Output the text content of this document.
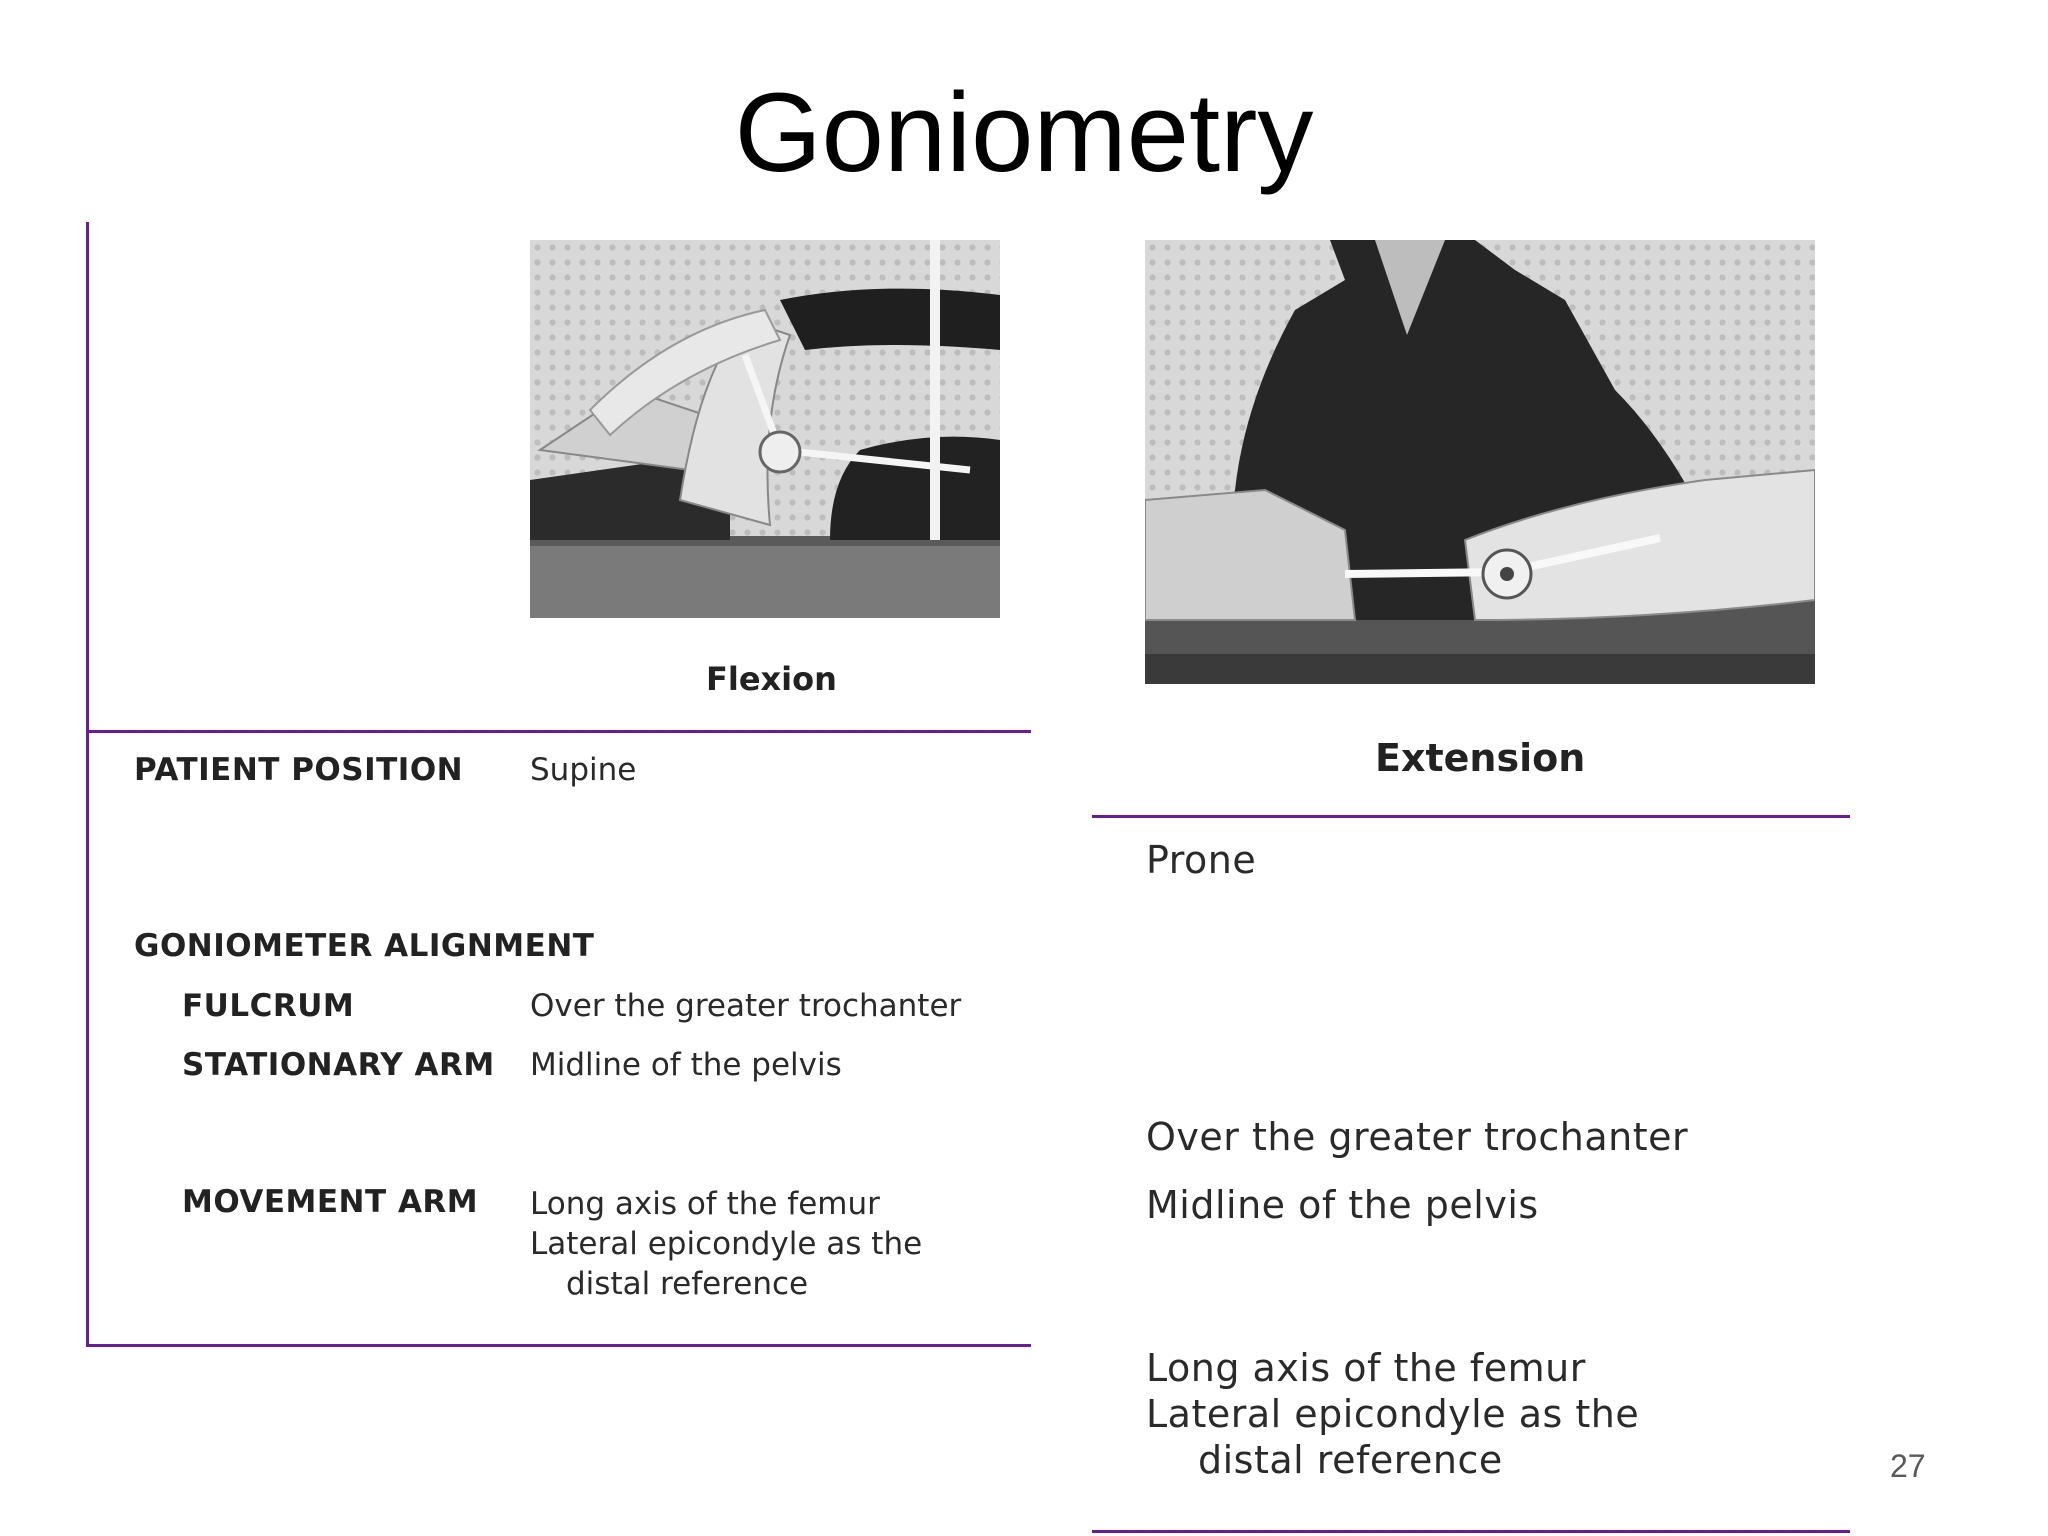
Goniometry
Flexion
PATIENT POSITION Supine
GONIOMETER ALIGNMENT
FULCRUM	Over the greater trochanter
STATIONARY ARM Midline of the pelvis
MOVEMENT ARM Long axis of the femur
Lateral epicondyle as the
distal reference
Extension
Prone
Over the greater trochanter
Midline of the pelvis
Long axis of the femur
Lateral epicondyle as the
distal reference	27
